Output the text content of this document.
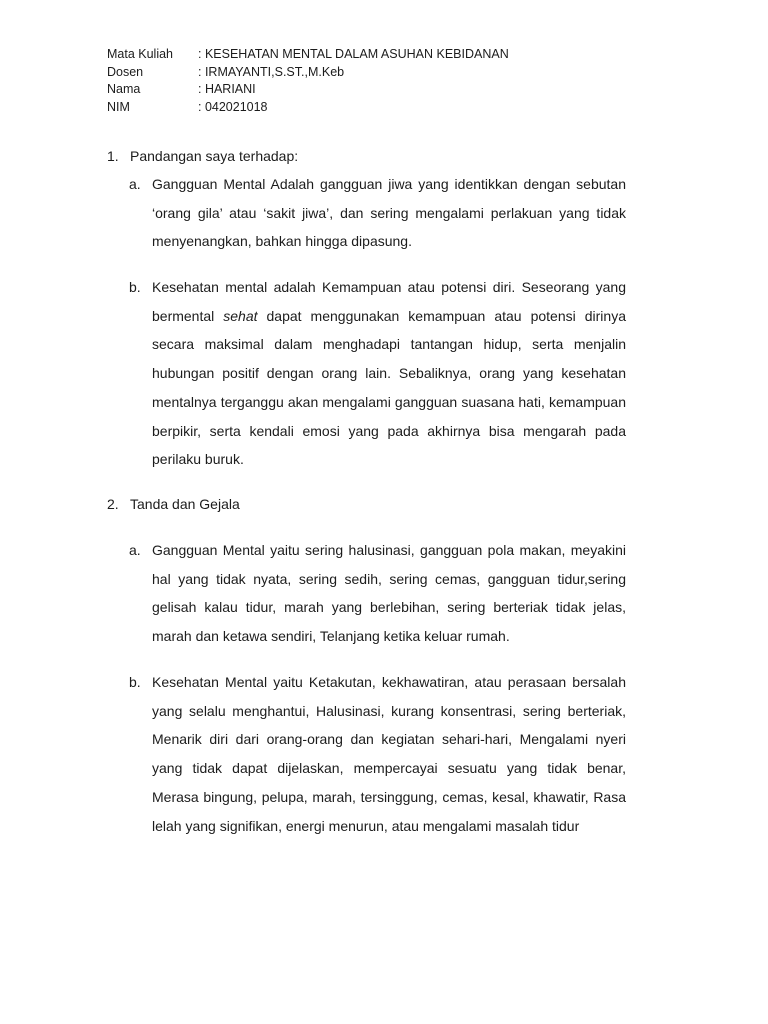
Mata Kuliah	: KESEHATAN MENTAL DALAM ASUHAN KEBIDANAN
Dosen	: IRMAYANTI,S.ST.,M.Keb
Nama	: HARIANI
NIM	: 042021018
1. Pandangan saya terhadap:
a. Gangguan Mental Adalah gangguan jiwa yang identikkan dengan sebutan ‘orang gila’ atau ‘sakit jiwa’, dan sering mengalami perlakuan yang tidak menyenangkan, bahkan hingga dipasung.
b. Kesehatan mental adalah Kemampuan atau potensi diri. Seseorang yang bermental sehat dapat menggunakan kemampuan atau potensi dirinya secara maksimal dalam menghadapi tantangan hidup, serta menjalin hubungan positif dengan orang lain. Sebaliknya, orang yang kesehatan mentalnya terganggu akan mengalami gangguan suasana hati, kemampuan berpikir, serta kendali emosi yang pada akhirnya bisa mengarah pada perilaku buruk.
2. Tanda dan Gejala
a. Gangguan Mental yaitu sering halusinasi, gangguan pola makan, meyakini hal yang tidak nyata, sering sedih, sering cemas, gangguan tidur,sering gelisah kalau tidur, marah yang berlebihan, sering berteriak tidak jelas, marah dan ketawa sendiri, Telanjang ketika keluar rumah.
b. Kesehatan Mental yaitu Ketakutan, kekhawatiran, atau perasaan bersalah yang selalu menghantui, Halusinasi, kurang konsentrasi, sering berteriak, Menarik diri dari orang-orang dan kegiatan sehari-hari, Mengalami nyeri yang tidak dapat dijelaskan, mempercayai sesuatu yang tidak benar, Merasa bingung, pelupa, marah, tersinggung, cemas, kesal, khawatir, Rasa lelah yang signifikan, energi menurun, atau mengalami masalah tidur
